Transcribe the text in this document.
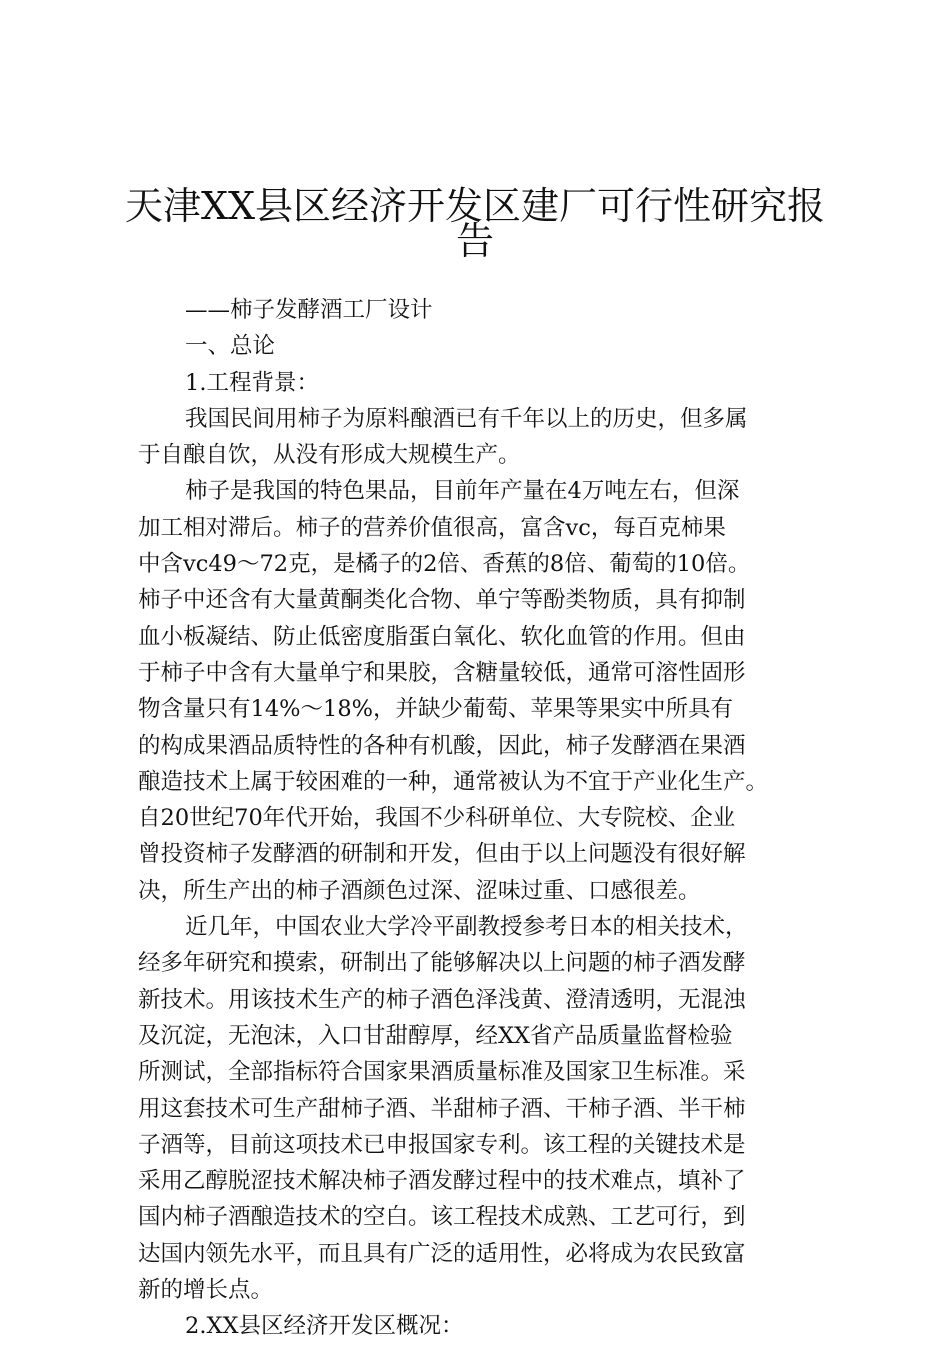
天津XX县区经济开发区建厂可行性研究报
告
——柿子发酵酒工厂设计
一、总论
1.工程背景：
我国民间用柿子为原料酿酒已有千年以上的历史，但多属
于自酿自饮，从没有形成大规模生产。
柿子是我国的特色果品，目前年产量在4万吨左右，但深
加工相对滞后。柿子的营养价值很高，富含vc，每百克柿果
中含vc49～72克，是橘子的2倍、香蕉的8倍、葡萄的10倍。
柿子中还含有大量黄酮类化合物、单宁等酚类物质，具有抑制
血小板凝结、防止低密度脂蛋白氧化、软化血管的作用。但由
于柿子中含有大量单宁和果胶，含糖量较低，通常可溶性固形
物含量只有14%～18%，并缺少葡萄、苹果等果实中所具有
的构成果酒品质特性的各种有机酸，因此，柿子发酵酒在果酒
酿造技术上属于较困难的一种，通常被认为不宜于产业化生产。
自20世纪70年代开始，我国不少科研单位、大专院校、企业
曾投资柿子发酵酒的研制和开发，但由于以上问题没有很好解
决，所生产出的柿子酒颜色过深、涩味过重、口感很差。
近几年，中国农业大学冷平副教授参考日本的相关技术，
经多年研究和摸索，研制出了能够解决以上问题的柿子酒发酵
新技术。用该技术生产的柿子酒色泽浅黄、澄清透明，无混浊
及沉淀，无泡沫，入口甘甜醇厚，经XX省产品质量监督检验
所测试，全部指标符合国家果酒质量标准及国家卫生标准。采
用这套技术可生产甜柿子酒、半甜柿子酒、干柿子酒、半干柿
子酒等，目前这项技术已申报国家专利。该工程的关键技术是
采用乙醇脱涩技术解决柿子酒发酵过程中的技术难点，填补了
国内柿子酒酿造技术的空白。该工程技术成熟、工艺可行，到
达国内领先水平，而且具有广泛的适用性，必将成为农民致富
新的增长点。
2.XX县区经济开发区概况：
